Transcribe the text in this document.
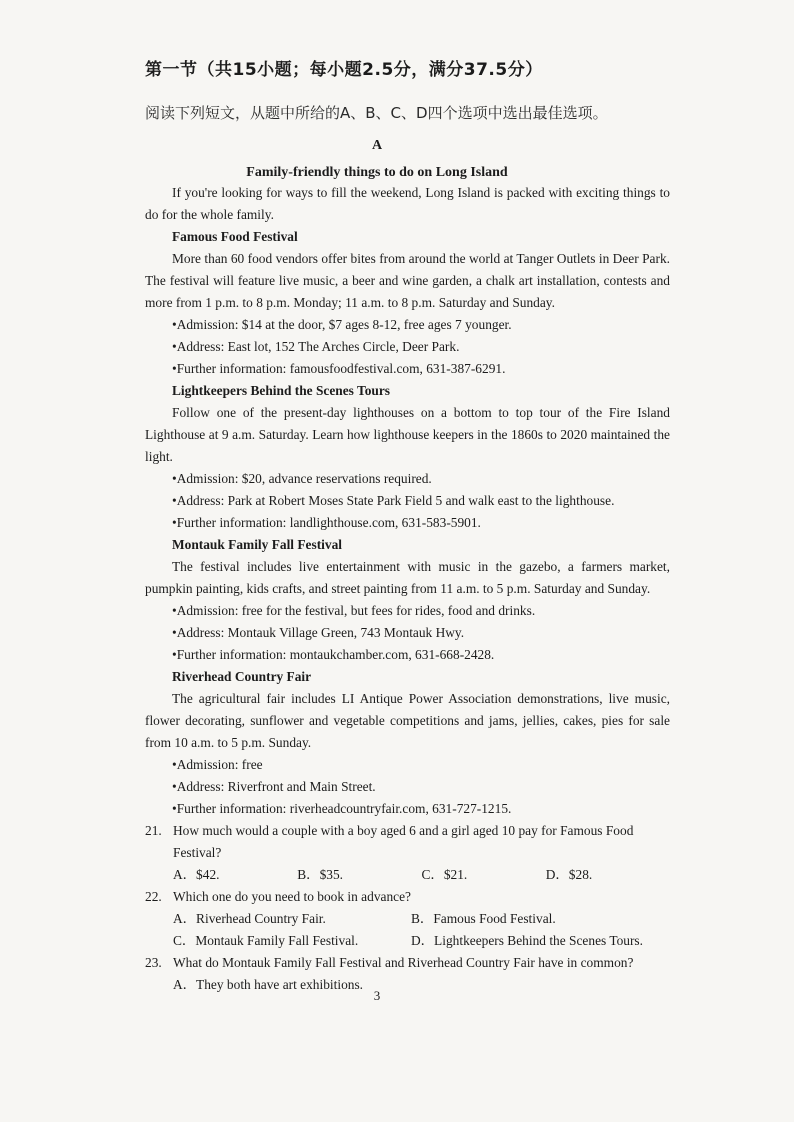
第一节（共15小题；每小题2.5分，满分37.5分）
阅读下列短文，从题中所给的A、B、C、D四个选项中选出最佳选项。
A
Family-friendly things to do on Long Island

If you're looking for ways to fill the weekend, Long Island is packed with exciting things to do for the whole family.

Famous Food Festival

More than 60 food vendors offer bites from around the world at Tanger Outlets in Deer Park. The festival will feature live music, a beer and wine garden, a chalk art installation, contests and more from 1 p.m. to 8 p.m. Monday; 11 a.m. to 8 p.m. Saturday and Sunday.

•Admission: $14 at the door, $7 ages 8-12, free ages 7 younger.

•Address: East lot, 152 The Arches Circle, Deer Park.

•Further information: famousfoodfestival.com, 631-387-6291.

Lightkeepers Behind the Scenes Tours

Follow one of the present-day lighthouses on a bottom to top tour of the Fire Island Lighthouse at 9 a.m. Saturday. Learn how lighthouse keepers in the 1860s to 2020 maintained the light.

•Admission: $20, advance reservations required.

•Address: Park at Robert Moses State Park Field 5 and walk east to the lighthouse.

•Further information: landlighthouse.com, 631-583-5901.

Montauk Family Fall Festival

The festival includes live entertainment with music in the gazebo, a farmers market, pumpkin painting, kids crafts, and street painting from 11 a.m. to 5 p.m. Saturday and Sunday.

•Admission: free for the festival, but fees for rides, food and drinks.

•Address: Montauk Village Green, 743 Montauk Hwy.

•Further information: montaukchamber.com, 631-668-2428.

Riverhead Country Fair

The agricultural fair includes LI Antique Power Association demonstrations, live music, flower decorating, sunflower and vegetable competitions and jams, jellies, cakes, pies for sale from 10 a.m. to 5 p.m. Sunday.

•Admission: free

•Address: Riverfront and Main Street.

•Further information: riverheadcountryfair.com, 631-727-1215.

21. How much would a couple with a boy aged 6 and a girl aged 10 pay for Famous Food Festival?
A．$42.	B．$35.	C．$21.	D．$28.
22. Which one do you need to book in advance?
A．Riverhead Country Fair.	B．Famous Food Festival.
C．Montauk Family Fall Festival.	D．Lightkeepers Behind the Scenes Tours.
23. What do Montauk Family Fall Festival and Riverhead Country Fair have in common?
A．They both have art exhibitions.
3
